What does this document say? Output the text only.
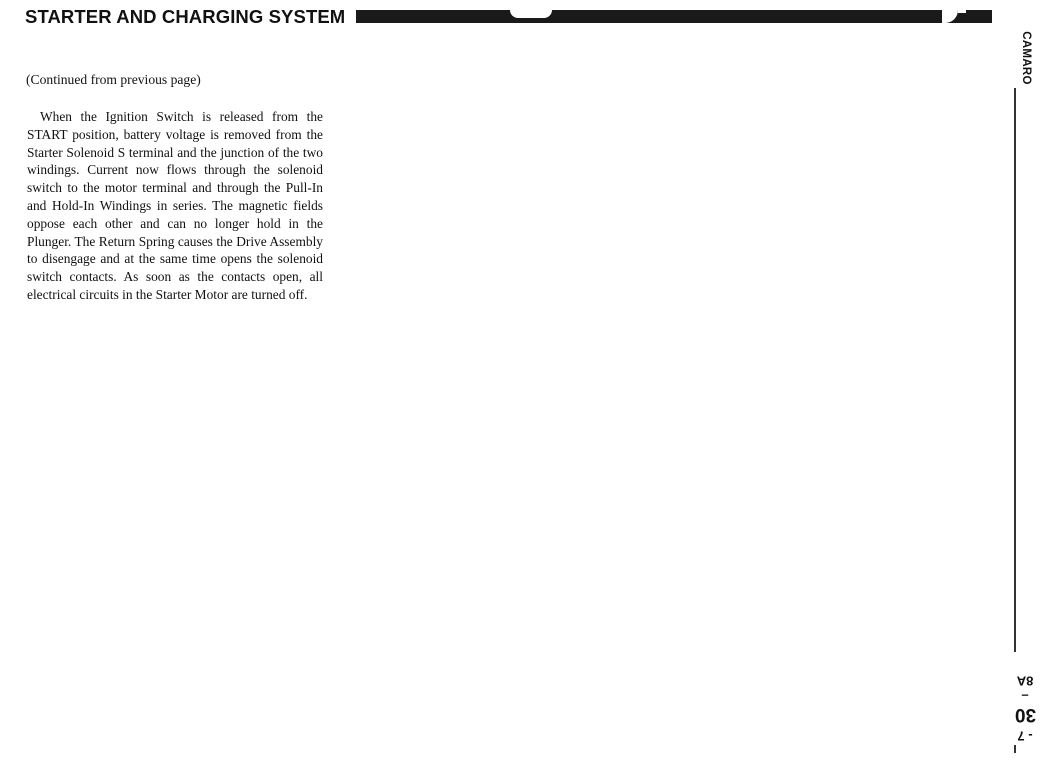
STARTER AND CHARGING SYSTEM
CAMARO
8A – 30 - 7
(Continued from previous page)

When the Ignition Switch is released from the START position, battery voltage is removed from the Starter Solenoid S terminal and the junction of the two windings. Current now flows through the solenoid switch to the motor terminal and through the Pull-In and Hold-In Windings in series. The magnetic fields oppose each other and can no longer hold in the Plunger. The Return Spring causes the Drive Assembly to disengage and at the same time opens the solenoid switch contacts. As soon as the contacts open, all electrical circuits in the Starter Motor are turned off.
